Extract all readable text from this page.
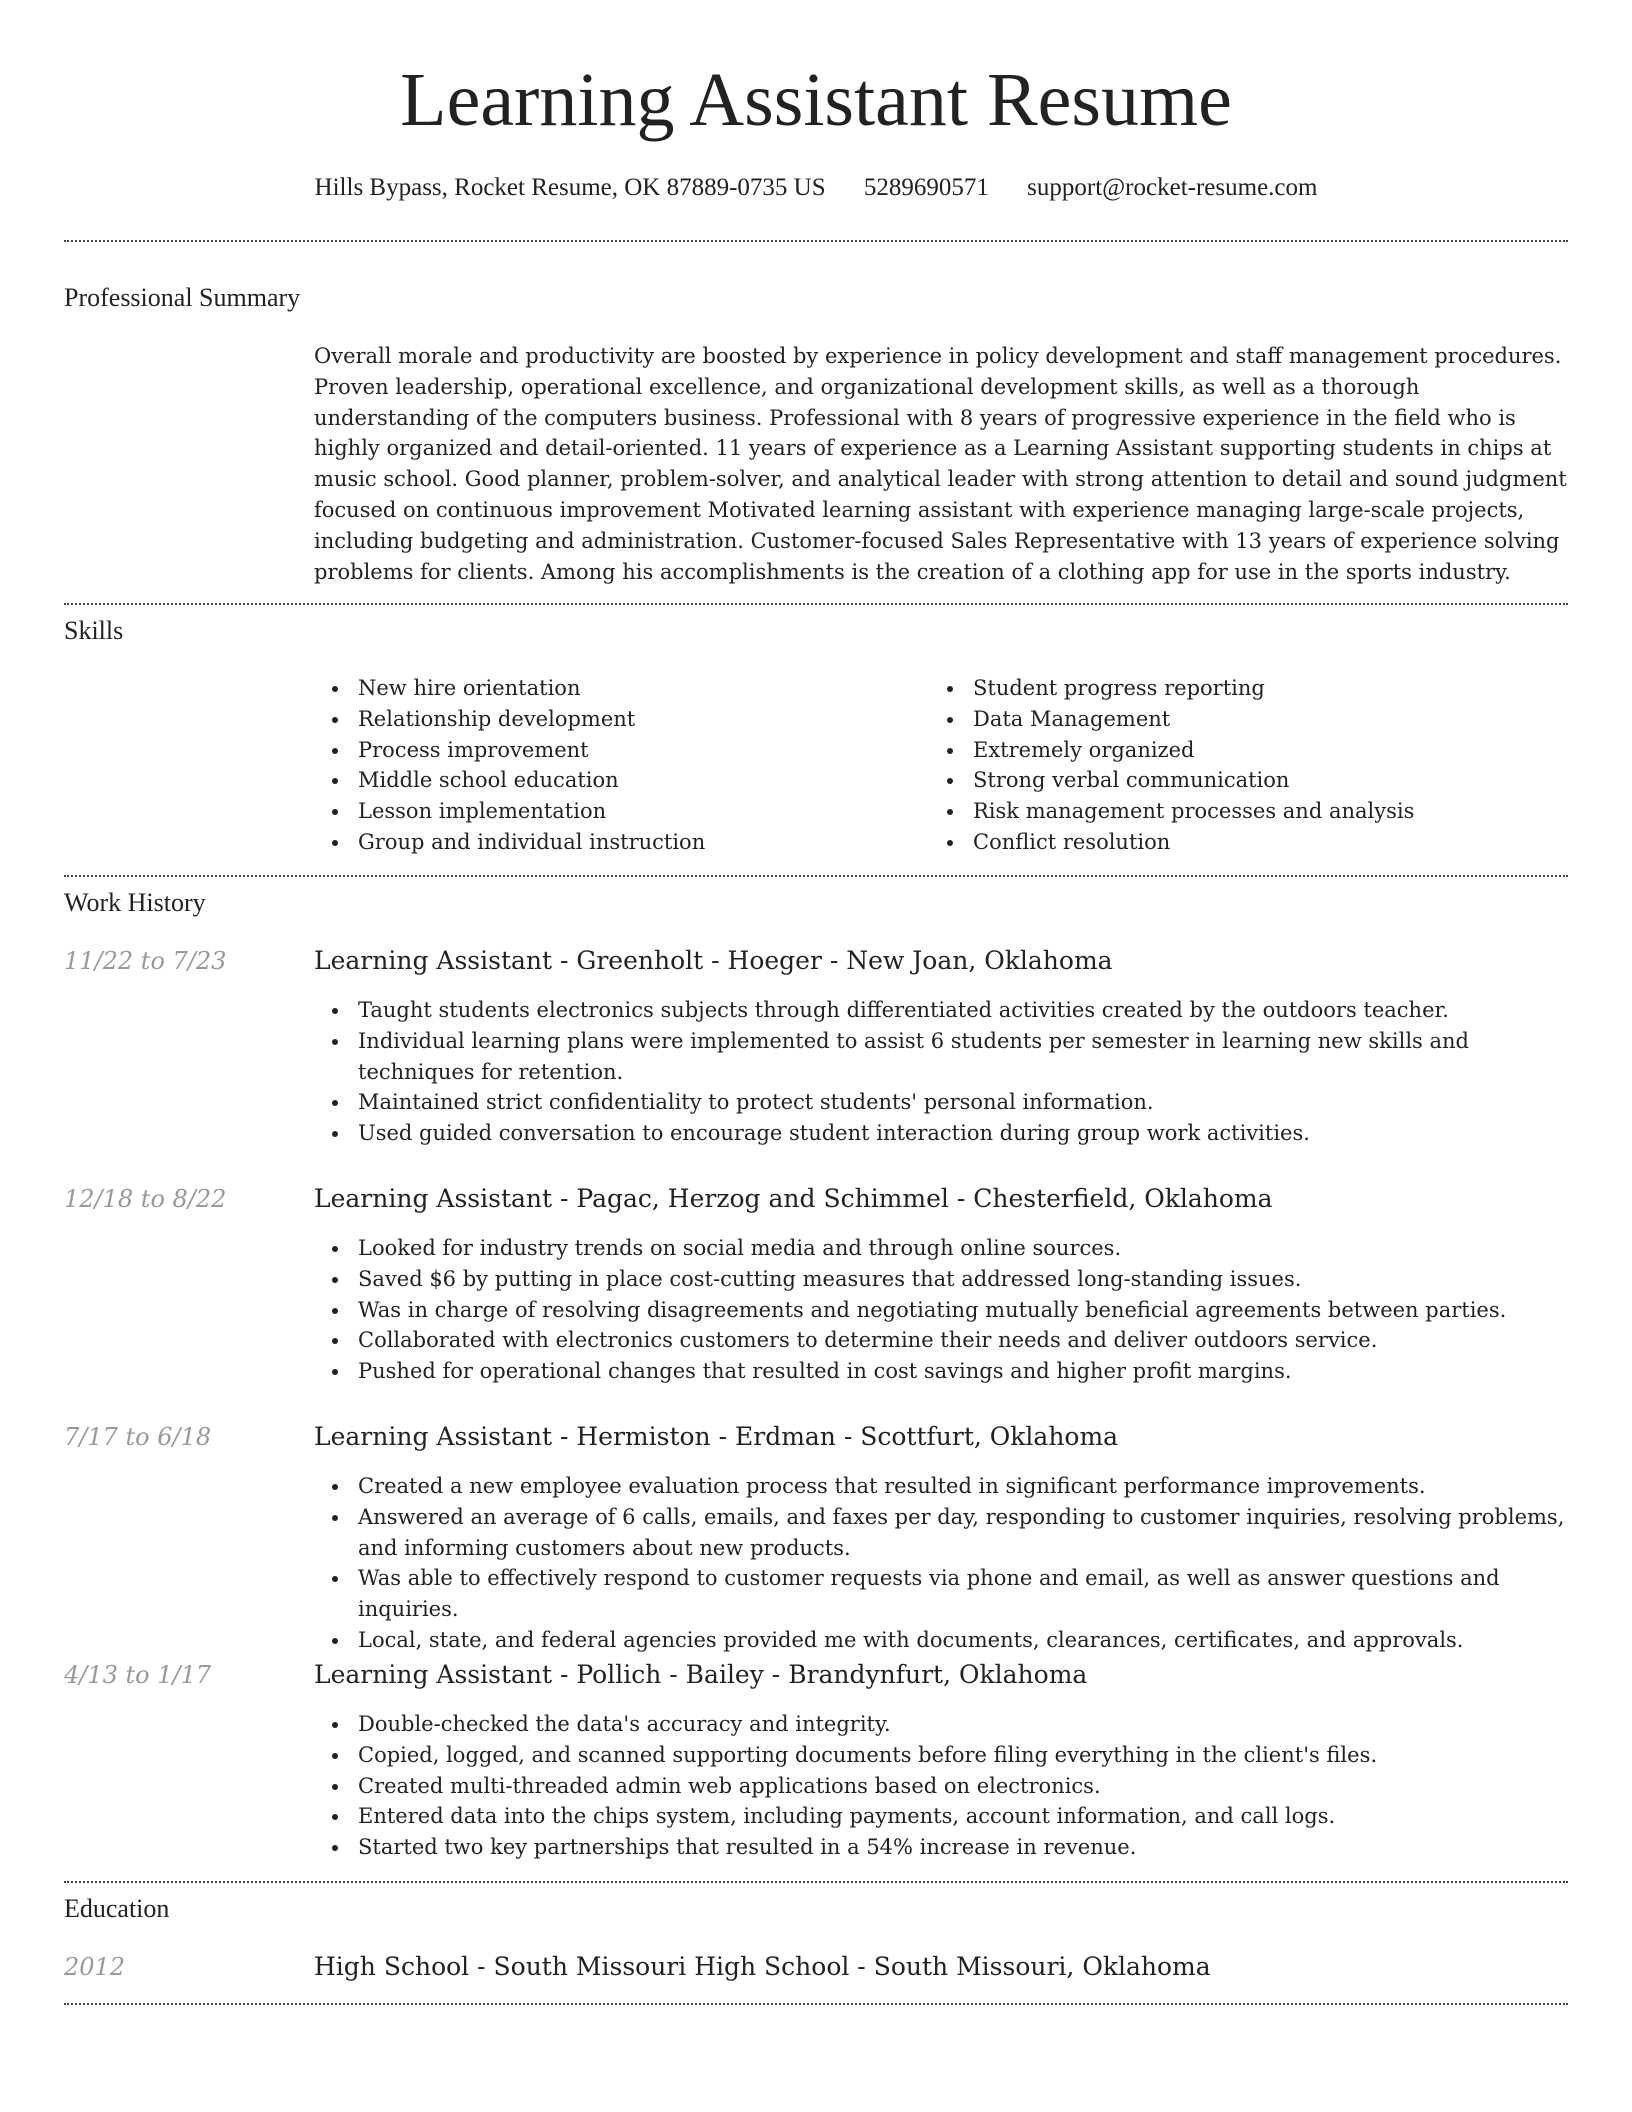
Learning Assistant Resume
Hills Bypass, Rocket Resume, OK 87889-0735 US 5289690571 support@rocket-resume.com
Professional Summary

Overall morale and productivity are boosted by experience in policy development and staff management procedures. Proven leadership, operational excellence, and organizational development skills, as well as a thorough understanding of the computers business. Professional with 8 years of progressive experience in the field who is highly organized and detail-oriented. 11 years of experience as a Learning Assistant supporting students in chips at music school. Good planner, problem-solver, and analytical leader with strong attention to detail and sound judgment focused on continuous improvement Motivated learning assistant with experience managing large-scale projects, including budgeting and administration. Customer-focused Sales Representative with 13 years of experience solving problems for clients. Among his accomplishments is the creation of a clothing app for use in the sports industry.

Skills
New hire orientation
Relationship development
Process improvement
Middle school education
Lesson implementation
Group and individual instruction
Student progress reporting
Data Management
Extremely organized
Strong verbal communication
Risk management processes and analysis
Conflict resolution
Work History
11/22 to 7/23	Learning Assistant - Greenholt - Hoeger - New Joan, Oklahoma
Taught students electronics subjects through differentiated activities created by the outdoors teacher.
Individual learning plans were implemented to assist 6 students per semester in learning new skills and techniques for retention.
Maintained strict confidentiality to protect students' personal information.
Used guided conversation to encourage student interaction during group work activities.
12/18 to 8/22	Learning Assistant - Pagac, Herzog and Schimmel - Chesterfield, Oklahoma
Looked for industry trends on social media and through online sources.
Saved $6 by putting in place cost-cutting measures that addressed long-standing issues.
Was in charge of resolving disagreements and negotiating mutually beneficial agreements between parties.
Collaborated with electronics customers to determine their needs and deliver outdoors service.
Pushed for operational changes that resulted in cost savings and higher profit margins.
7/17 to 6/18	Learning Assistant - Hermiston - Erdman - Scottfurt, Oklahoma
Created a new employee evaluation process that resulted in significant performance improvements.
Answered an average of 6 calls, emails, and faxes per day, responding to customer inquiries, resolving problems, and informing customers about new products.
Was able to effectively respond to customer requests via phone and email, as well as answer questions and inquiries.
Local, state, and federal agencies provided me with documents, clearances, certificates, and approvals.
4/13 to 1/17	Learning Assistant - Pollich - Bailey - Brandynfurt, Oklahoma
Double-checked the data's accuracy and integrity.
Copied, logged, and scanned supporting documents before filing everything in the client's files.
Created multi-threaded admin web applications based on electronics.
Entered data into the chips system, including payments, account information, and call logs.
Started two key partnerships that resulted in a 54% increase in revenue.
Education
2012	High School - South Missouri High School - South Missouri, Oklahoma
